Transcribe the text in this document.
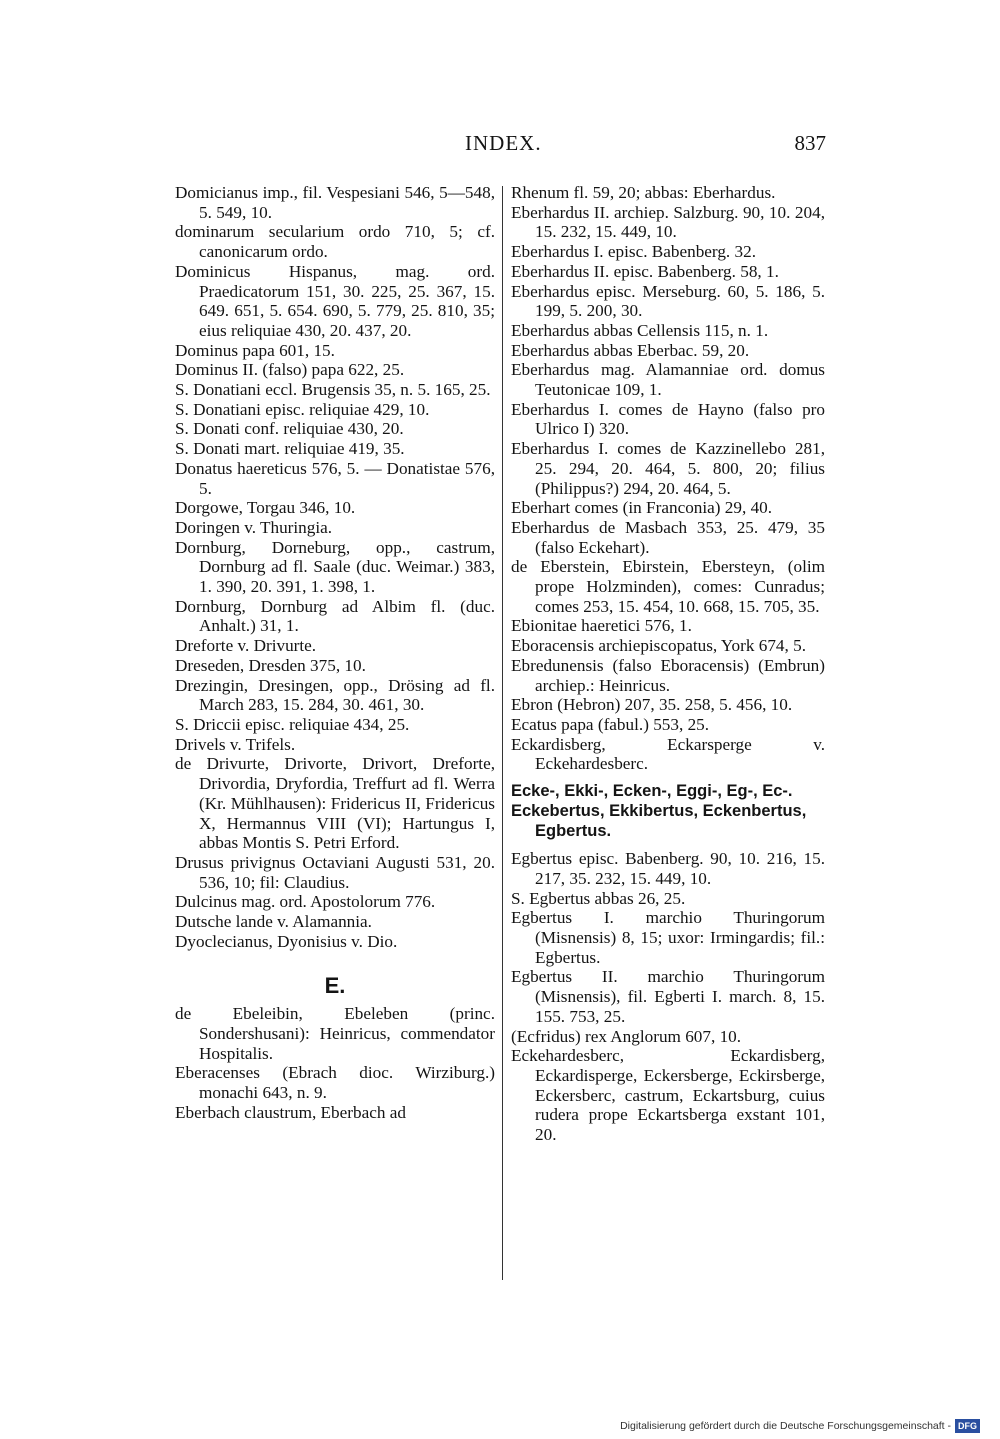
INDEX.	837
Domicianus imp., fil. Vespesiani 546, 5—548, 5. 549, 10.
dominarum secularium ordo 710, 5; cf. canonicarum ordo.
Dominicus Hispanus, mag. ord. Praedicatorum 151, 30. 225, 25. 367, 15. 649. 651, 5. 654. 690, 5. 779, 25. 810, 35; eius reliquiae 430, 20. 437, 20.
Dominus papa 601, 15.
Dominus II. (falso) papa 622, 25.
S. Donatiani eccl. Brugensis 35, n. 5. 165, 25.
S. Donatiani episc. reliquiae 429, 10.
S. Donati conf. reliquiae 430, 20.
S. Donati mart. reliquiae 419, 35.
Donatus haereticus 576, 5. — Donatistae 576, 5.
Dorgowe, Torgau 346, 10.
Doringen v. Thuringia.
Dornburg, Dorneburg, opp., castrum, Dornburg ad fl. Saale (duc. Weimar.) 383, 1. 390, 20. 391, 1. 398, 1.
Dornburg, Dornburg ad Albim fl. (duc. Anhalt.) 31, 1.
Dreforte v. Drivurte.
Dreseden, Dresden 375, 10.
Drezingin, Dresingen, opp., Drösing ad fl. March 283, 15. 284, 30. 461, 30.
S. Driccii episc. reliquiae 434, 25.
Drivels v. Trifels.
de Drivurte, Drivorte, Drivort, Dreforte, Drivordia, Dryfordia, Treffurt ad fl. Werra (Kr. Mühlhausen): Fridericus II, Fridericus X, Hermannus VIII (VI); Hartungus I, abbas Montis S. Petri Erford.
Drusus privignus Octaviani Augusti 531, 20. 536, 10; fil: Claudius.
Dulcinus mag. ord. Apostolorum 776.
Dutsche lande v. Alamannia.
Dyoclecianus, Dyonisius v. Dio.
E.
de Ebeleibin, Ebeleben (princ. Sondershusani): Heinricus, commendator Hospitalis.
Eberacenses (Ebrach dioc. Wirziburg.) monachi 643, n. 9.
Eberbach claustrum, Eberbach ad
Rhenum fl. 59, 20; abbas: Eberhardus.
Eberhardus II. archiep. Salzburg. 90, 10. 204, 15. 232, 15. 449, 10.
Eberhardus I. episc. Babenberg. 32.
Eberhardus II. episc. Babenberg. 58, 1.
Eberhardus episc. Merseburg. 60, 5. 186, 5. 199, 5. 200, 30.
Eberhardus abbas Cellensis 115, n. 1.
Eberhardus abbas Eberbac. 59, 20.
Eberhardus mag. Alamanniae ord. domus Teutonicae 109, 1.
Eberhardus I. comes de Hayno (falso pro Ulrico I) 320.
Eberhardus I. comes de Kazzinellebo 281, 25. 294, 20. 464, 5. 800, 20; filius (Philippus?) 294, 20. 464, 5.
Eberhart comes (in Franconia) 29, 40.
Eberhardus de Masbach 353, 25. 479, 35 (falso Eckehart).
de Eberstein, Ebirstein, Ebersteyn, (olim prope Holzminden), comes: Cunradus; comes 253, 15. 454, 10. 668, 15. 705, 35.
Ebionitae haeretici 576, 1.
Eboracensis archiepiscopatus, York 674, 5.
Ebredunensis (falso Eboracensis) (Embrun) archiep.: Heinricus.
Ebron (Hebron) 207, 35. 258, 5. 456, 10.
Ecatus papa (fabul.) 553, 25.
Eckardisberg, Eckarsperge v. Eckehardesberc.
Ecke-, Ekki-, Ecken-, Eggi-, Eg-, Ec-.
Eckebertus, Ekkibertus, Eckenbertus, Egbertus.
Egbertus episc. Babenberg. 90, 10. 216, 15. 217, 35. 232, 15. 449, 10.
S. Egbertus abbas 26, 25.
Egbertus I. marchio Thuringorum (Misnensis) 8, 15; uxor: Irmingardis; fil.: Egbertus.
Egbertus II. marchio Thuringorum (Misnensis), fil. Egberti I. march. 8, 15. 155. 753, 25.
(Ecfridus) rex Anglorum 607, 10.
Eckehardesberc, Eckardisberg, Eckardisperge, Eckersberge, Eckirsberge, Eckersberc, castrum, Eckartsburg, cuius rudera prope Eckartsberga exstant 101, 20.
Digitalisierung gefördert durch die Deutsche Forschungsgemeinschaft - DFG
